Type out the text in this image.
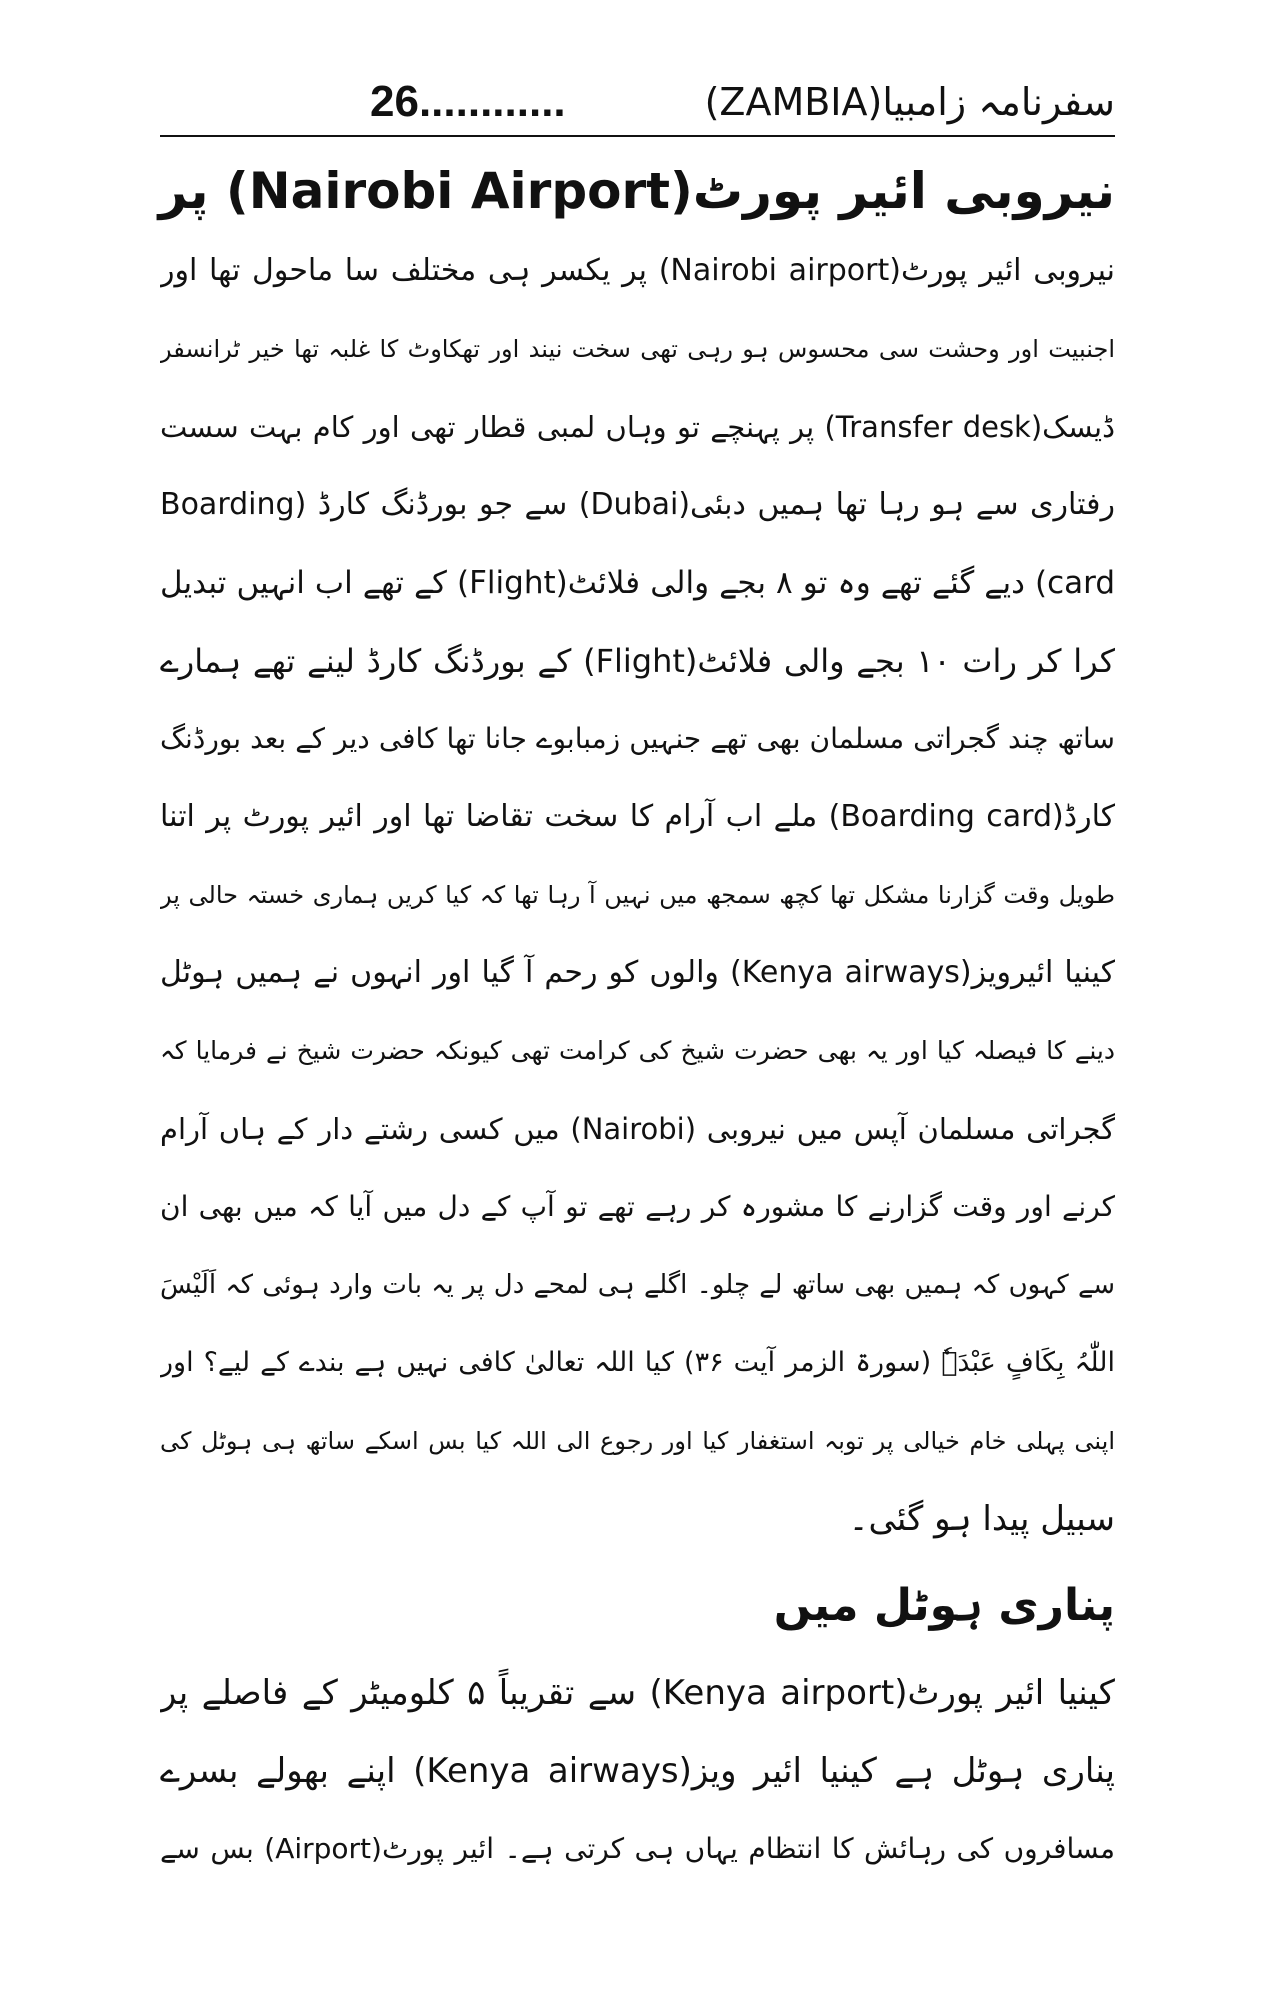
سفرنامہ زامبیا(ZAMBIA)
26............
نیروبی ائیر پورٹ(Nairobi Airport) پر
نیروبی ائیر پورٹ(Nairobi airport) پر یکسر ہی مختلف سا ماحول تھا اور
اجنبیت اور وحشت سی محسوس ہو رہی تھی سخت نیند اور تھکاوٹ کا غلبہ تھا خیر ٹرانسفر
ڈیسک(Transfer desk) پر پہنچے تو وہاں لمبی قطار تھی اور کام بہت سست
رفتاری سے ہو رہا تھا ہمیں دبئی(Dubai) سے جو بورڈنگ کارڈ (Boarding
card) دیے گئے تھے وہ تو ۸ بجے والی فلائٹ(Flight) کے تھے اب انہیں تبدیل
کرا کر رات ۱۰ بجے والی فلائٹ(Flight) کے بورڈنگ کارڈ لینے تھے ہمارے
ساتھ چند گجراتی مسلمان بھی تھے جنہیں زمبابوے جانا تھا کافی دیر کے بعد بورڈنگ
کارڈ(Boarding card) ملے اب آرام کا سخت تقاضا تھا اور ائیر پورٹ پر اتنا
طویل وقت گزارنا مشکل تھا کچھ سمجھ میں نہیں آ رہا تھا کہ کیا کریں ہماری خستہ حالی پر
کینیا ائیرویز(Kenya airways) والوں کو رحم آ گیا اور انہوں نے ہمیں ہوٹل
دینے کا فیصلہ کیا اور یہ بھی حضرت شیخ کی کرامت تھی کیونکہ حضرت شیخ نے فرمایا کہ
گجراتی مسلمان آپس میں نیروبی (Nairobi) میں کسی رشتے دار کے ہاں آرام
کرنے اور وقت گزارنے کا مشورہ کر رہے تھے تو آپ کے دل میں آیا کہ میں بھی ان
سے کہوں کہ ہمیں بھی ساتھ لے چلو۔ اگلے ہی لمحے دل پر یہ بات وارد ہوئی کہ اَلَیْسَ
اللّٰہُ بِکَافٍ عَبْدَہٗ (سورۃ الزمر آیت ۳۶) کیا اللہ تعالیٰ کافی نہیں ہے بندے کے لیے؟ اور
اپنی پہلی خام خیالی پر توبہ استغفار کیا اور رجوع الی اللہ کیا بس اسکے ساتھ ہی ہوٹل کی
سبیل پیدا ہو گئی۔
پناری ہوٹل میں
کینیا ائیر پورٹ(Kenya airport) سے تقریباً ۵ کلومیٹر کے فاصلے پر
پناری ہوٹل ہے کینیا ائیر ویز(Kenya airways) اپنے بھولے بسرے
مسافروں کی رہائش کا انتظام یہاں ہی کرتی ہے۔ ائیر پورٹ(Airport) بس سے
